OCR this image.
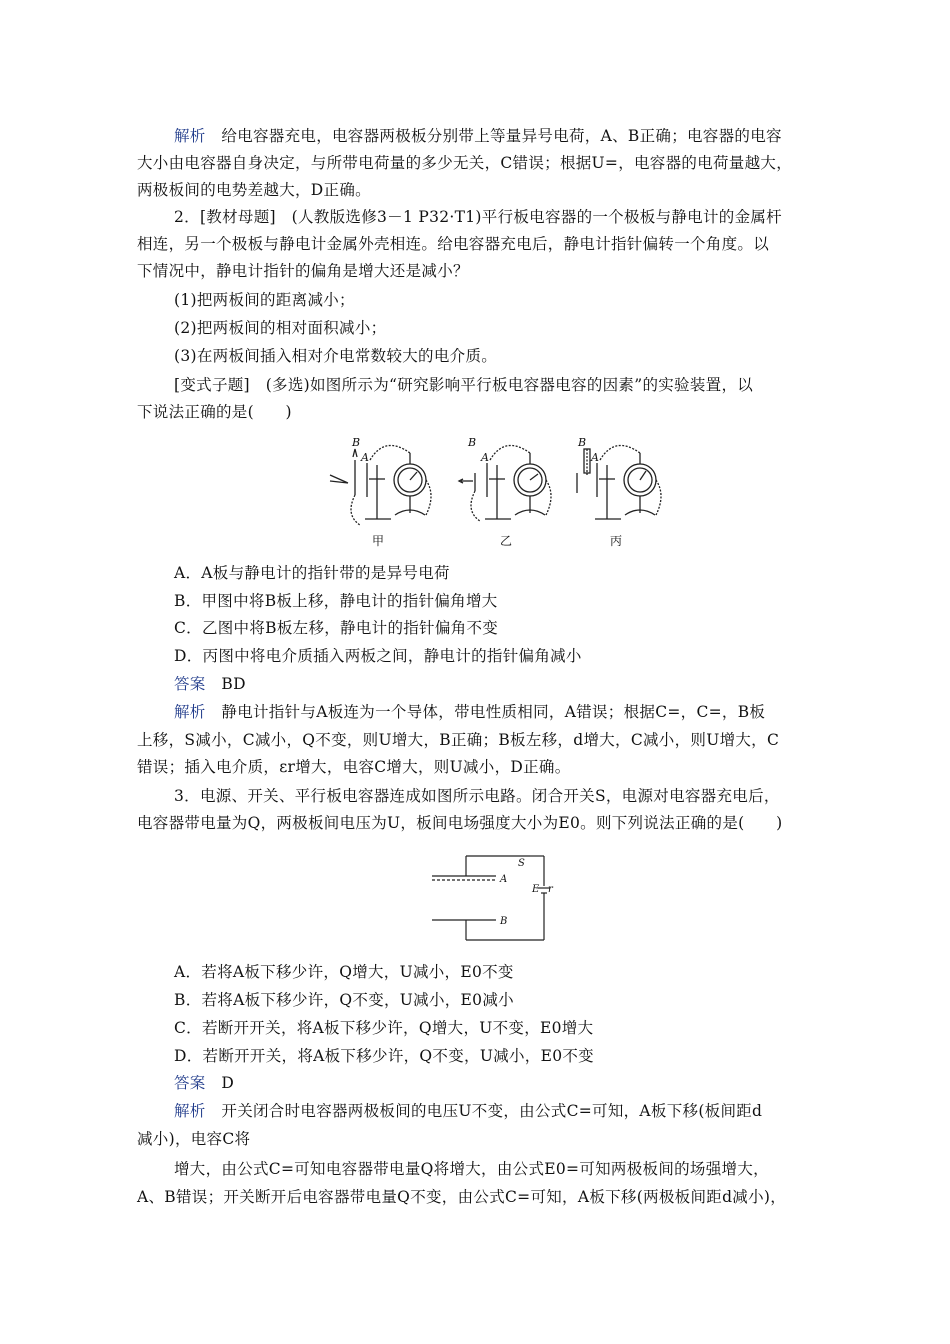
解析　给电容器充电，电容器两极板分别带上等量异号电荷，A、B正确；电容器的电容
大小由电容器自身决定，与所带电荷量的多少无关，C错误；根据U=，电容器的电荷量越大，
两极板间的电势差越大，D正确。
2．[教材母题]　(人教版选修3－1 P32·T1)平行板电容器的一个极板与静电计的金属杆
相连，另一个极板与静电计金属外壳相连。给电容器充电后，静电计指针偏转一个角度。以
下情况中，静电计指针的偏角是增大还是减小？
(1)把两板间的距离减小；
(2)把两板间的相对面积减小；
(3)在两板间插入相对介电常数较大的电介质。
[变式子题]　(多选)如图所示为“研究影响平行板电容器电容的因素”的实验装置，以
下说法正确的是(　　)
B
A
B
A
B
A
甲	乙	丙
A．A板与静电计的指针带的是异号电荷
B．甲图中将B板上移，静电计的指针偏角增大
C．乙图中将B板左移，静电计的指针偏角不变
D．丙图中将电介质插入两板之间，静电计的指针偏角减小
答案　BD
解析　静电计指针与A板连为一个导体，带电性质相同，A错误；根据C=，C=，B板
上移，S减小，C减小，Q不变，则U增大，B正确；B板左移，d增大，C减小，则U增大，C
错误；插入电介质，εr增大，电容C增大，则U减小，D正确。
3．电源、开关、平行板电容器连成如图所示电路。闭合开关S，电源对电容器充电后，
电容器带电量为Q，两极板间电压为U，板间电场强度大小为E0。则下列说法正确的是(　　)
S
A
B
E r
A．若将A板下移少许，Q增大，U减小，E0不变
B．若将A板下移少许，Q不变，U减小，E0减小
C．若断开开关，将A板下移少许，Q增大，U不变，E0增大
D．若断开开关，将A板下移少许，Q不变，U减小，E0不变
答案　D
解析　开关闭合时电容器两极板间的电压U不变，由公式C=可知，A板下移(板间距d
减小)，电容C将
增大，由公式C=可知电容器带电量Q将增大，由公式E0=可知两极板间的场强增大，
A、B错误；开关断开后电容器带电量Q不变，由公式C=可知，A板下移(两极板间距d减小)，
